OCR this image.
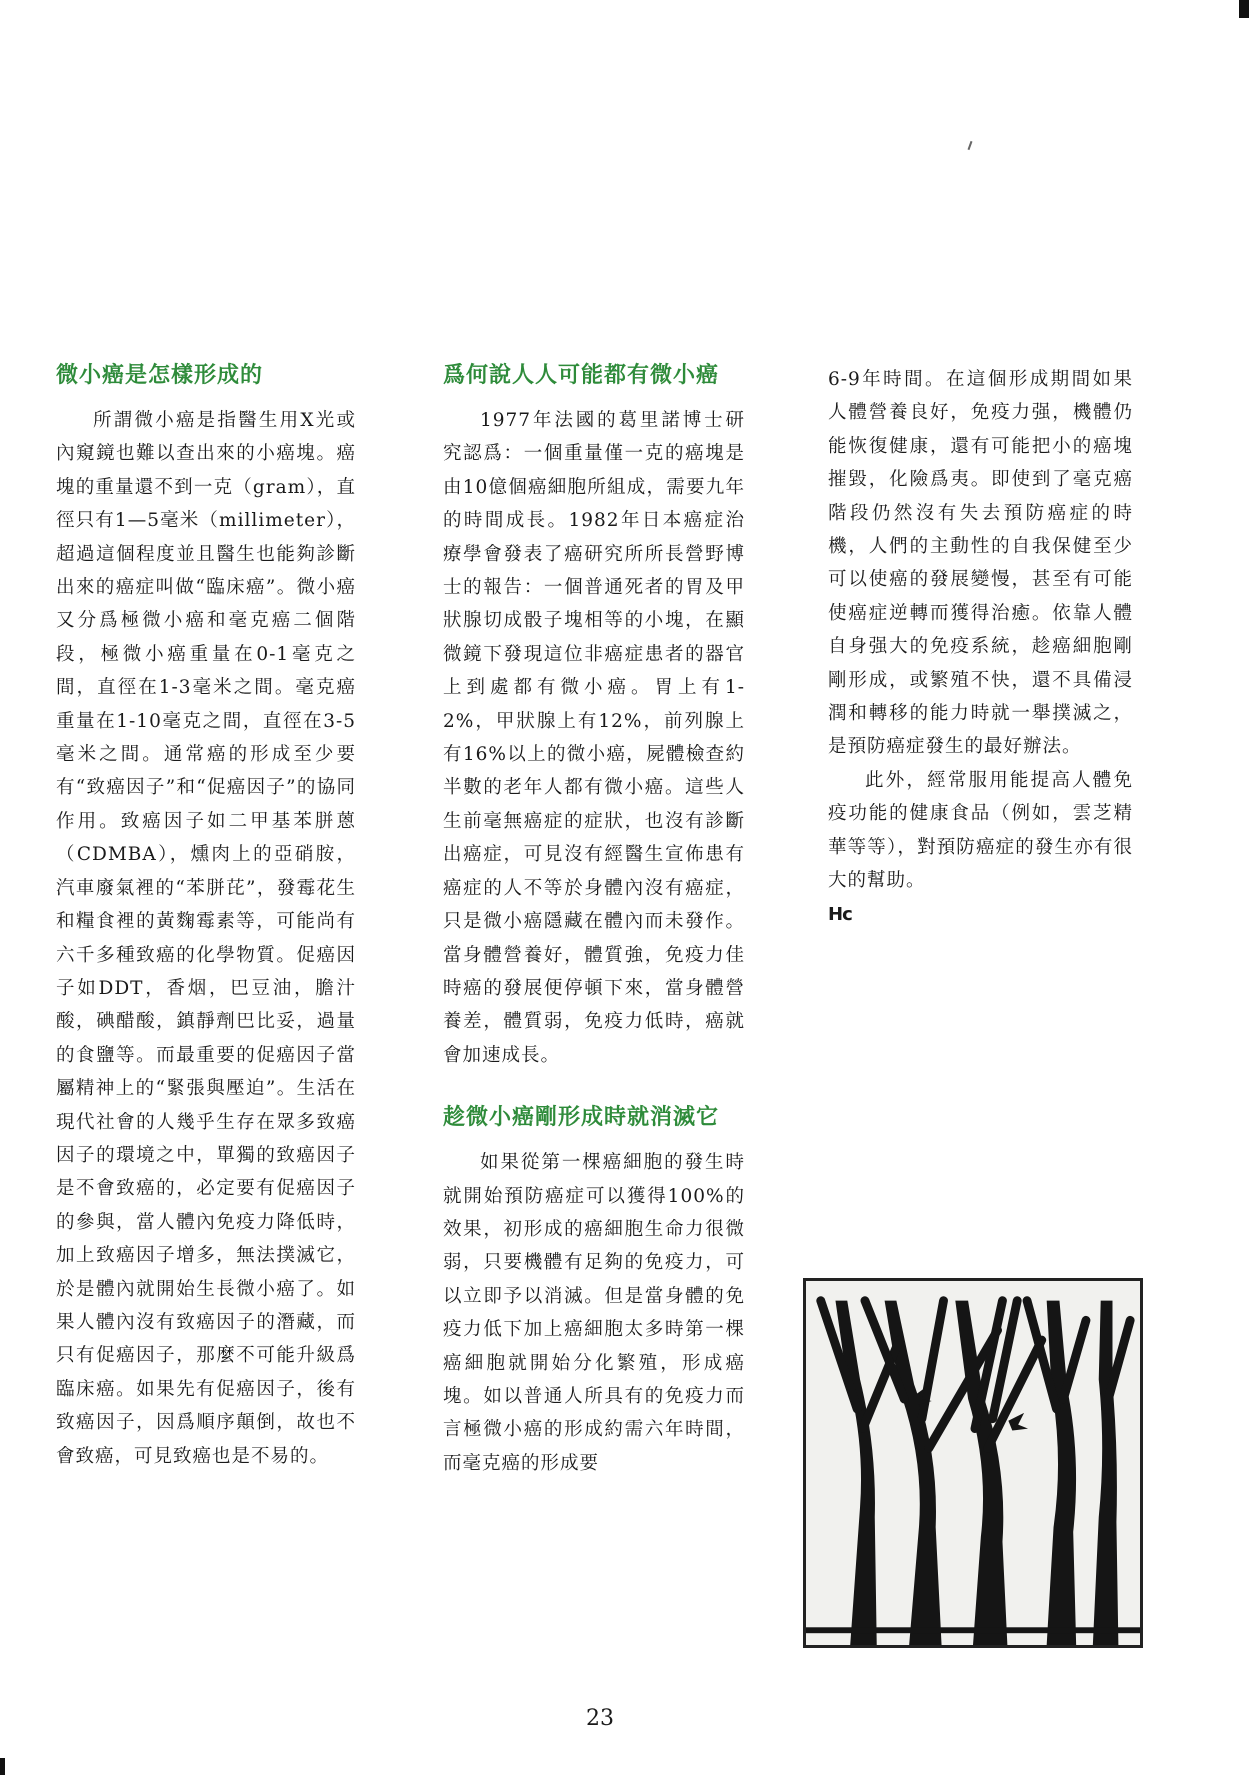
微小癌是怎樣形成的

所謂微小癌是指醫生用X光或內窺鏡也難以查出來的小癌塊。癌塊的重量還不到一克（gram），直徑只有1—5毫米（millimeter），超過這個程度並且醫生也能夠診斷出來的癌症叫做“臨床癌”。微小癌又分爲極微小癌和毫克癌二個階段，極微小癌重量在0-1毫克之間，直徑在1-3毫米之間。毫克癌重量在1-10毫克之間，直徑在3-5毫米之間。通常癌的形成至少要有“致癌因子”和“促癌因子”的協同作用。致癌因子如二甲基苯胼蒽（CDMBA），燻肉上的亞硝胺，汽車廢氣裡的“苯胼芘”，發霉花生和糧食裡的黃麴霉素等，可能尚有六千多種致癌的化學物質。促癌因子如DDT，香烟，巴豆油，膽汁酸，碘醋酸，鎮靜劑巴比妥，過量的食鹽等。而最重要的促癌因子當屬精神上的“緊張與壓迫”。生活在現代社會的人幾乎生存在眾多致癌因子的環境之中，單獨的致癌因子是不會致癌的，必定要有促癌因子的參與，當人體內免疫力降低時，加上致癌因子增多，無法撲滅它，於是體內就開始生長微小癌了。如果人體內沒有致癌因子的潛藏，而只有促癌因子，那麼不可能升級爲臨床癌。如果先有促癌因子，後有致癌因子，因爲順序顛倒，故也不會致癌，可見致癌也是不易的。

爲何說人人可能都有微小癌

1977年法國的葛里諾博士研究認爲：一個重量僅一克的癌塊是由10億個癌細胞所組成，需要九年的時間成長。1982年日本癌症治療學會發表了癌研究所所長營野博士的報告：一個普通死者的胃及甲狀腺切成骰子塊相等的小塊，在顯微鏡下發現這位非癌症患者的器官上到處都有微小癌。胃上有1-2%，甲狀腺上有12%，前列腺上有16%以上的微小癌，屍體檢查約半數的老年人都有微小癌。這些人生前毫無癌症的症狀，也沒有診斷出癌症，可見沒有經醫生宣佈患有癌症的人不等於身體內沒有癌症，只是微小癌隱藏在體內而未發作。當身體營養好，體質強，免疫力佳時癌的發展便停頓下來，當身體營養差，體質弱，免疫力低時，癌就會加速成長。

趁微小癌剛形成時就消滅它

如果從第一棵癌細胞的發生時就開始預防癌症可以獲得100%的效果，初形成的癌細胞生命力很微弱，只要機體有足夠的免疫力，可以立即予以消滅。但是當身體的免疫力低下加上癌細胞太多時第一棵癌細胞就開始分化繁殖，形成癌塊。如以普通人所具有的免疫力而言極微小癌的形成約需六年時間，而毫克癌的形成要

6-9年時間。在這個形成期間如果人體營養良好，免疫力强，機體仍能恢復健康，還有可能把小的癌塊摧毀，化險爲夷。即使到了毫克癌階段仍然沒有失去預防癌症的時機，人們的主動性的自我保健至少可以使癌的發展變慢，甚至有可能使癌症逆轉而獲得治癒。依靠人體自身强大的免疫系統，趁癌細胞剛剛形成，或繁殖不快，還不具備浸潤和轉移的能力時就一舉撲滅之，是預防癌症發生的最好辦法。

此外，經常服用能提高人體免疫功能的健康食品（例如，雲芝精華等等），對預防癌症的發生亦有很大的幫助。

Hc
23
